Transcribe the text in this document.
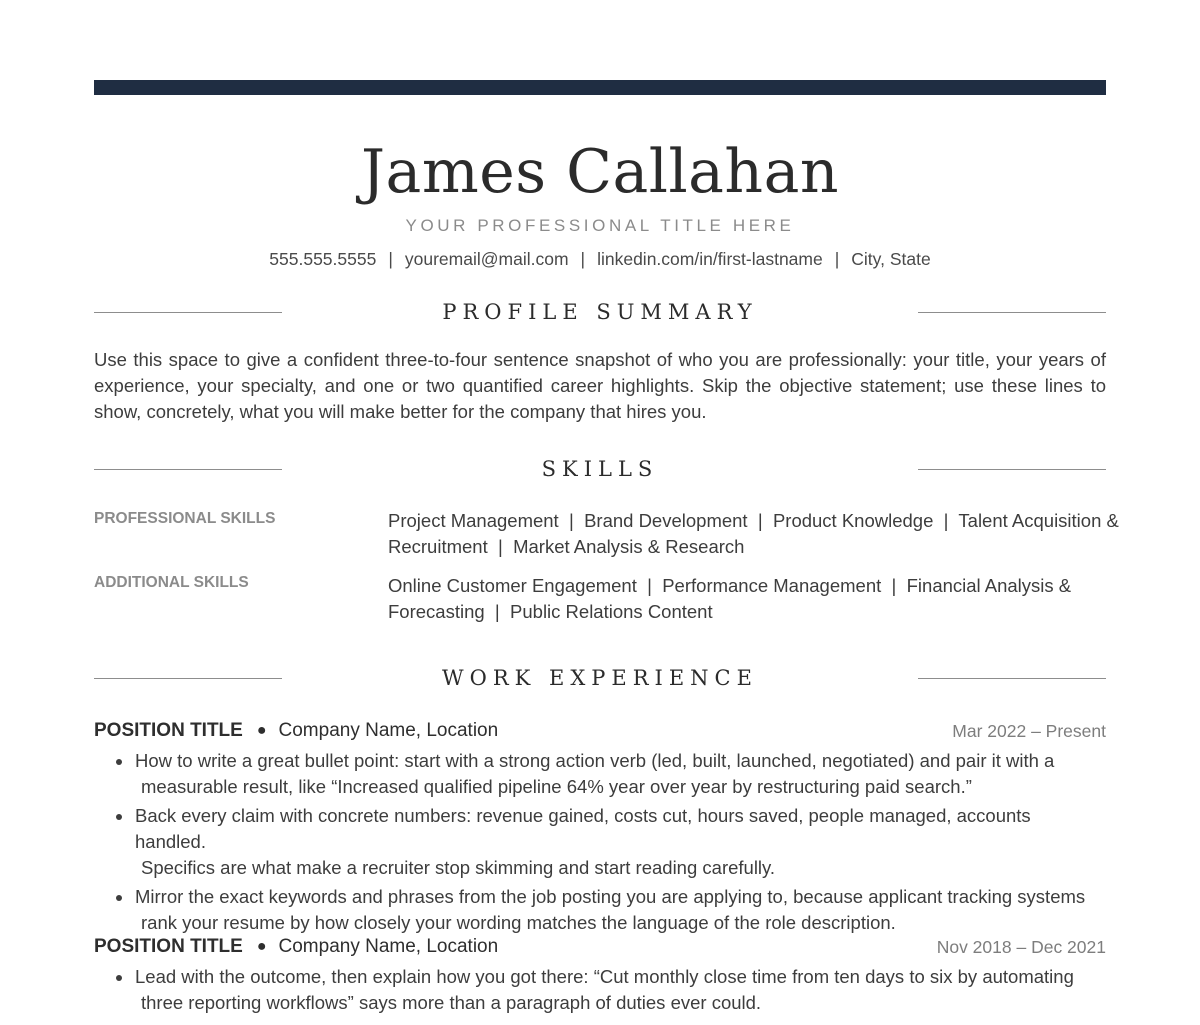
James Callahan
YOUR PROFESSIONAL TITLE HERE
555.555.5555 | youremail@mail.com | linkedin.com/in/first-lastname | City, State
PROFILE SUMMARY

Use this space to give a confident three-to-four sentence snapshot of who you are professionally: your title, your years of experience, your specialty, and one or two quantified career highlights. Skip the objective statement; use these lines to show, concretely, what you will make better for the company that hires you.

SKILLS
PROFESSIONAL SKILLS	Project Management  |  Brand Development  |  Product Knowledge  |  Talent Acquisition &
Recruitment  |  Market Analysis & Research
ADDITIONAL SKILLS	Online Customer Engagement  |  Performance Management  |  Financial Analysis &
Forecasting  |  Public Relations Content
WORK EXPERIENCE
POSITION TITLE ● Company Name, Location	Mar 2022 – Present
How to write a great bullet point: start with a strong action verb (led, built, launched, negotiated) and pair it with a
measurable result, like “Increased qualified pipeline 64% year over year by restructuring paid search.”
Back every claim with concrete numbers: revenue gained, costs cut, hours saved, people managed, accounts handled.
Specifics are what make a recruiter stop skimming and start reading carefully.
Mirror the exact keywords and phrases from the job posting you are applying to, because applicant tracking systems
rank your resume by how closely your wording matches the language of the role description.
POSITION TITLE ● Company Name, Location	Nov 2018 – Dec 2021
Lead with the outcome, then explain how you got there: “Cut monthly close time from ten days to six by automating
three reporting workflows” says more than a paragraph of duties ever could.
